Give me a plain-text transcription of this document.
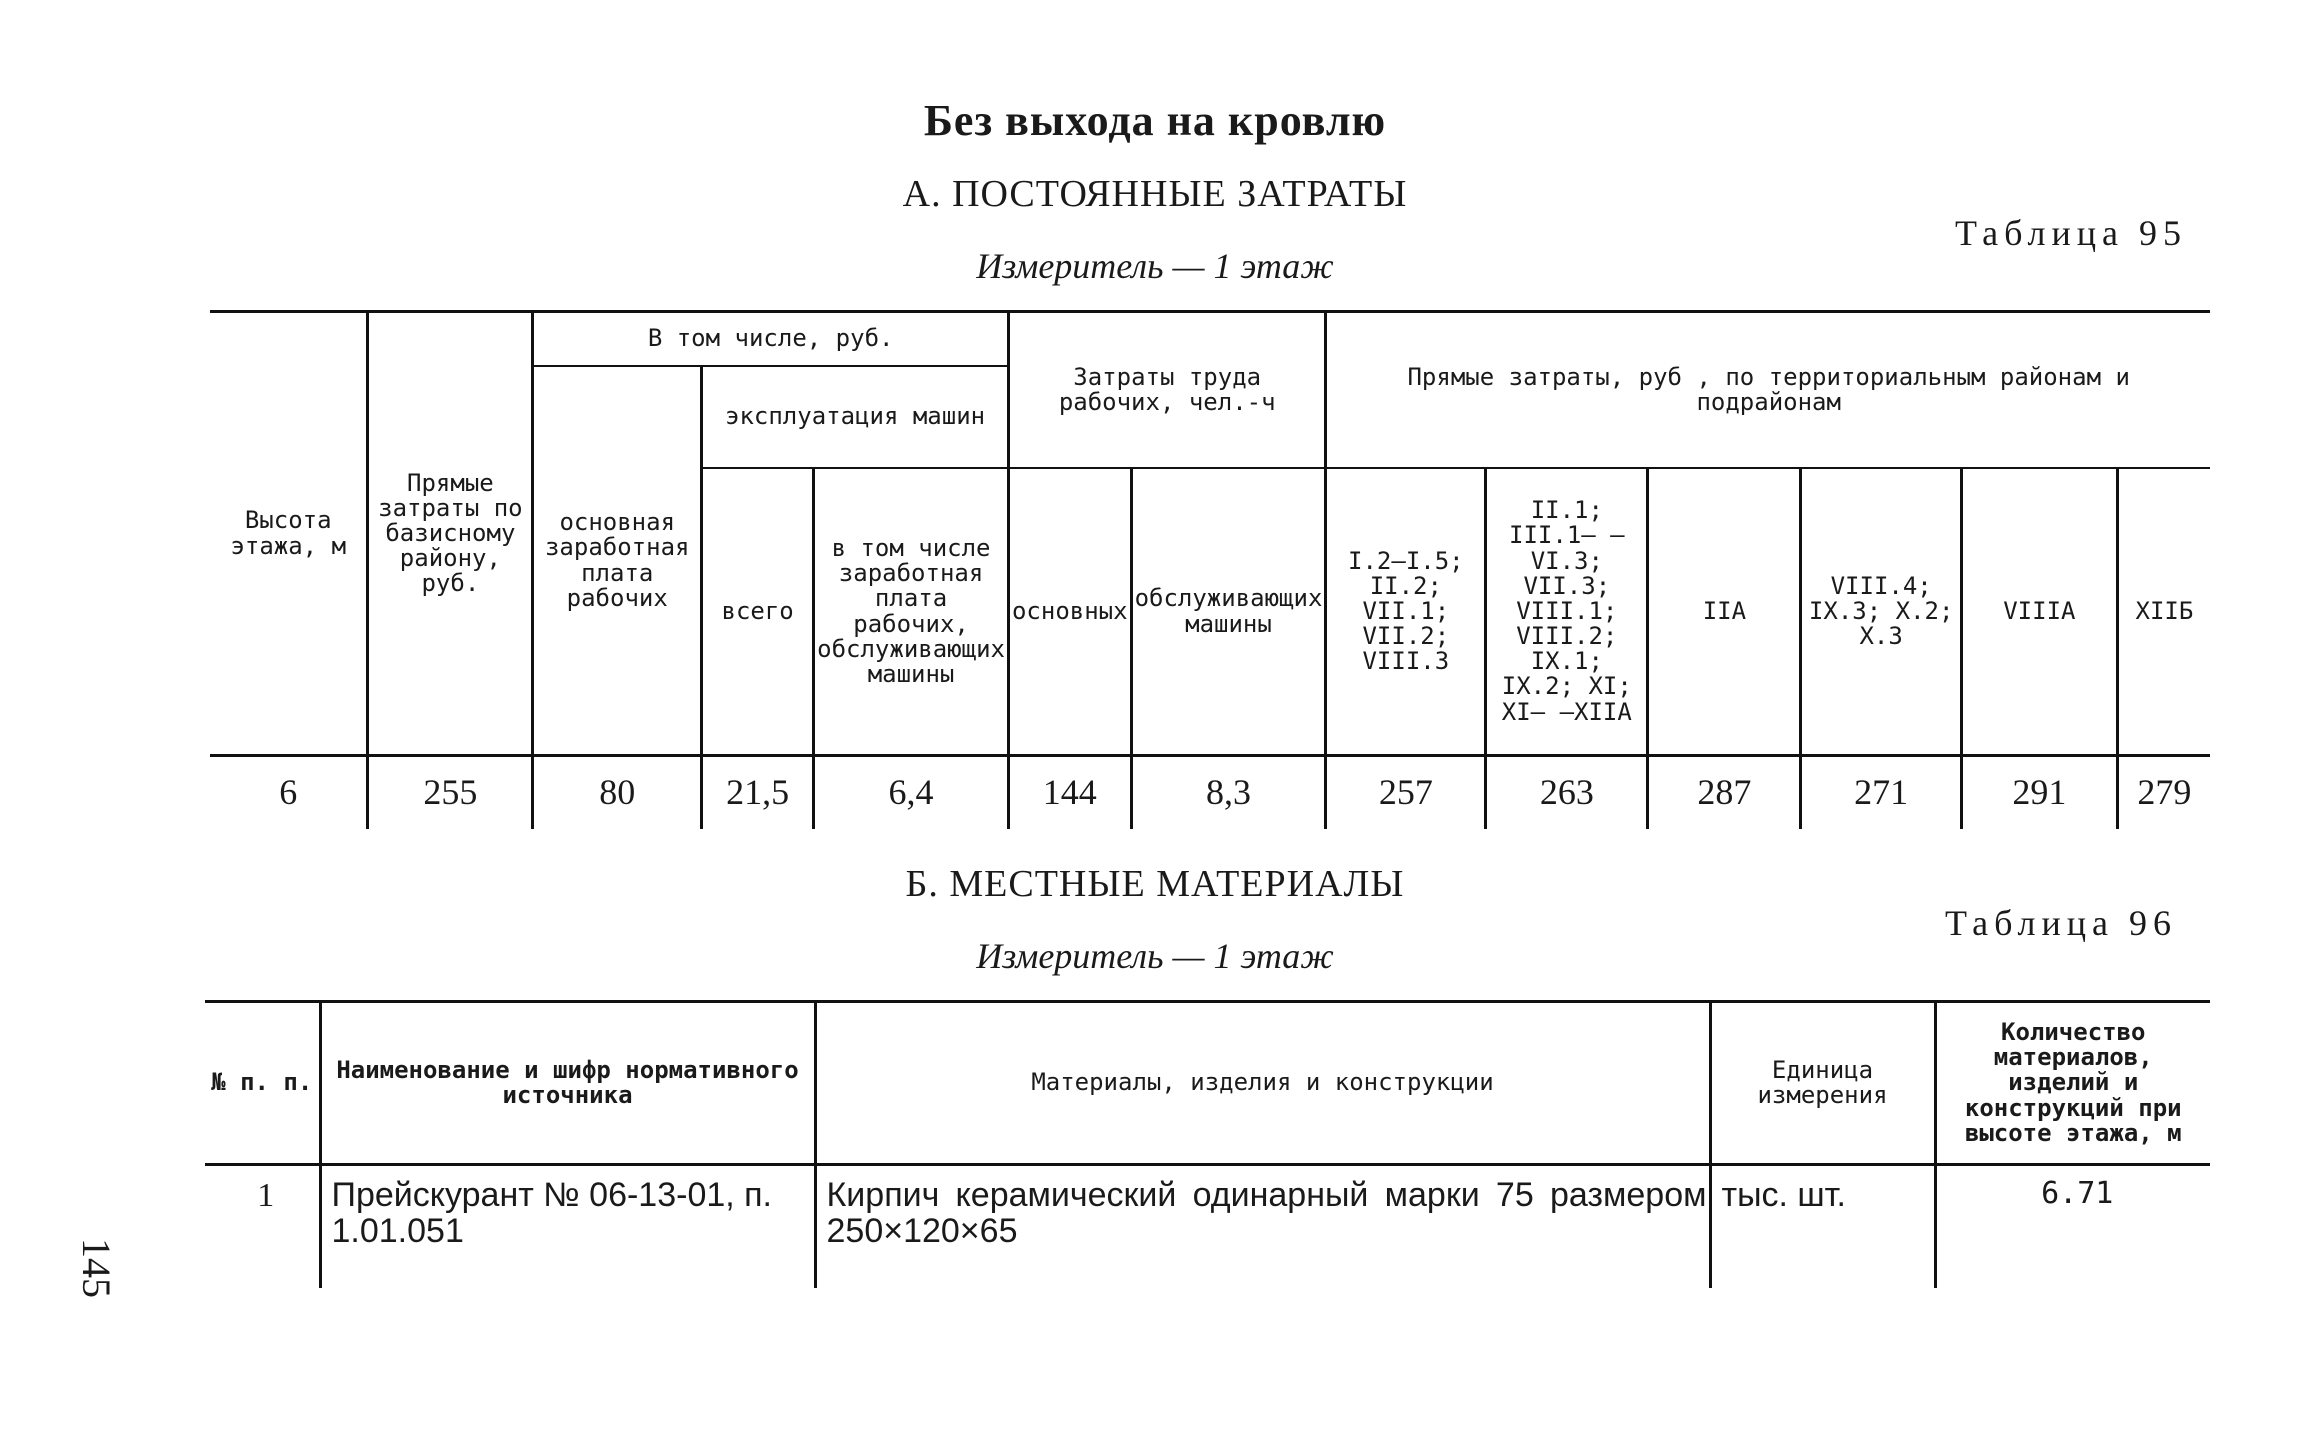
Без выхода на кровлю
А. ПОСТОЯННЫЕ ЗАТРАТЫ
Таблица 95
Измеритель — 1 этаж
Высота этажа, м	Прямые затраты по базисному району, руб.	В том числе, руб.			Затраты труда рабочих, чел.-ч		Прямые затраты, руб , по территориальным районам и подрайонам					
		основная заработная плата рабочих	эксплуатация машин									
			всего	в том числе заработная плата рабочих, обслуживающих машины	основных	обслуживающих машины	I.2—I.5; II.2; VII.1; VII.2; VIII.3	II.1; III.1— —VI.3; VII.3; VIII.1; VIII.2; IX.1; IX.2; XI; XI— —XIIА	IIА	VIII.4; IX.3; X.2; X.3	VIIIА	XIIБ
6	255	80	21,5	6,4	144	8,3	257	263	287	271	291	279
Б. МЕСТНЫЕ МАТЕРИАЛЫ
Таблица 96
Измеритель — 1 этаж
№ п. п.	Наименование и шифр нормативного источника	Материалы, изделия и конструкции	Единица измерения	Количество материалов, изделий и конструкций при высоте этажа, м
1	Прейскурант № 06-13-01, п. 1.01.051	Кирпич керамический одинарный марки 75 размером 250×120×65	тыс. шт.	6.71
145
